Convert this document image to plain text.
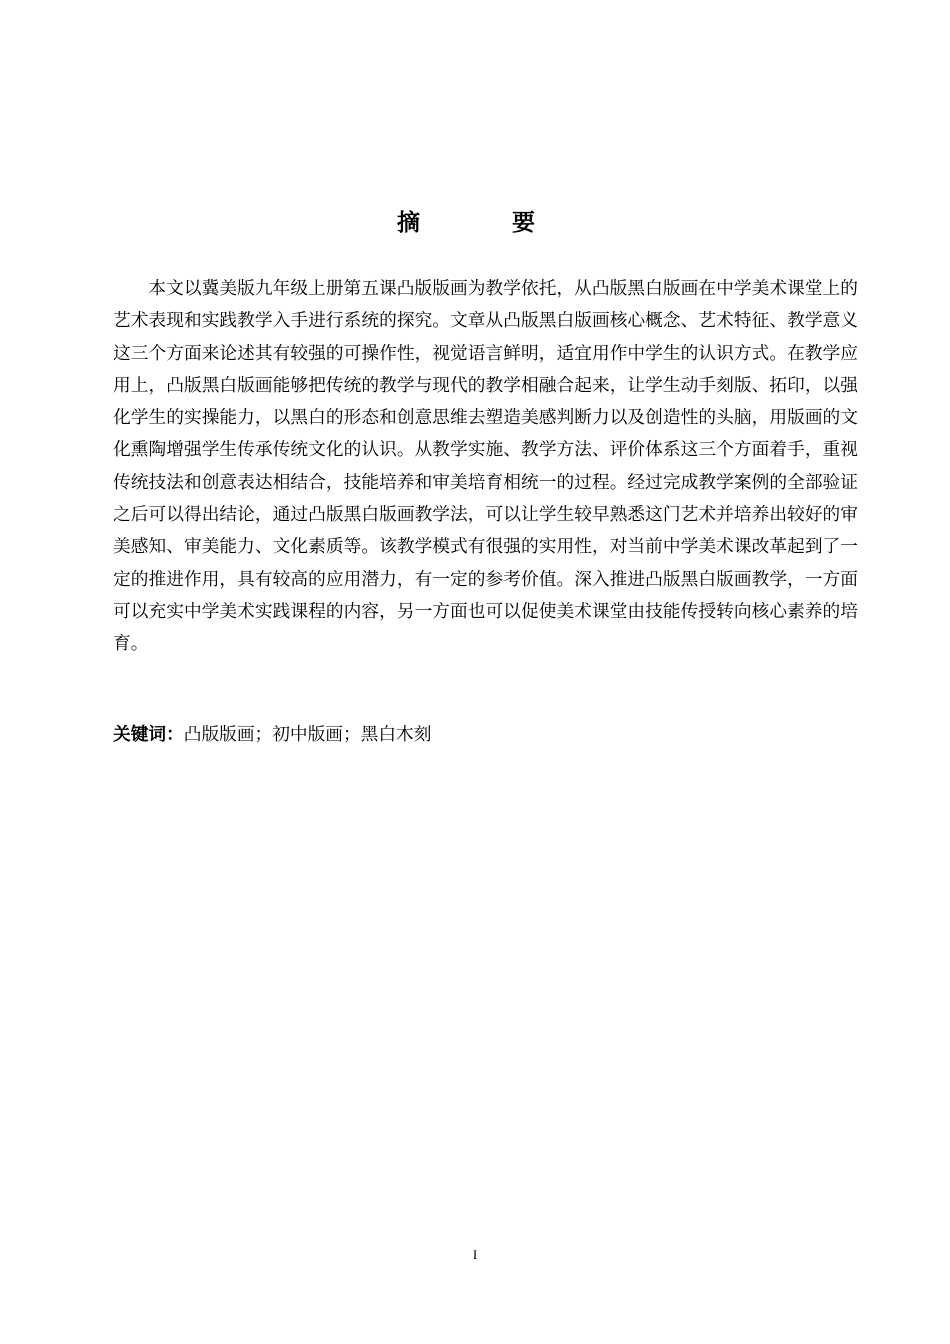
摘 要

本文以冀美版九年级上册第五课凸版版画为教学依托，从凸版黑白版画在中学美术课堂上的艺术表现和实践教学入手进行系统的探究。文章从凸版黑白版画核心概念、艺术特征、教学意义这三个方面来论述其有较强的可操作性，视觉语言鲜明，适宜用作中学生的认识方式。在教学应用上，凸版黑白版画能够把传统的教学与现代的教学相融合起来，让学生动手刻版、拓印，以强化学生的实操能力，以黑白的形态和创意思维去塑造美感判断力以及创造性的头脑，用版画的文化熏陶增强学生传承传统文化的认识。从教学实施、教学方法、评价体系这三个方面着手，重视传统技法和创意表达相结合，技能培养和审美培育相统一的过程。经过完成教学案例的全部验证之后可以得出结论，通过凸版黑白版画教学法，可以让学生较早熟悉这门艺术并培养出较好的审美感知、审美能力、文化素质等。该教学模式有很强的实用性，对当前中学美术课改革起到了一定的推进作用，具有较高的应用潜力，有一定的参考价值。深入推进凸版黑白版画教学，一方面可以充实中学美术实践课程的内容，另一方面也可以促使美术课堂由技能传授转向核心素养的培育。

关键词：凸版版画；初中版画；黑白木刻

I
